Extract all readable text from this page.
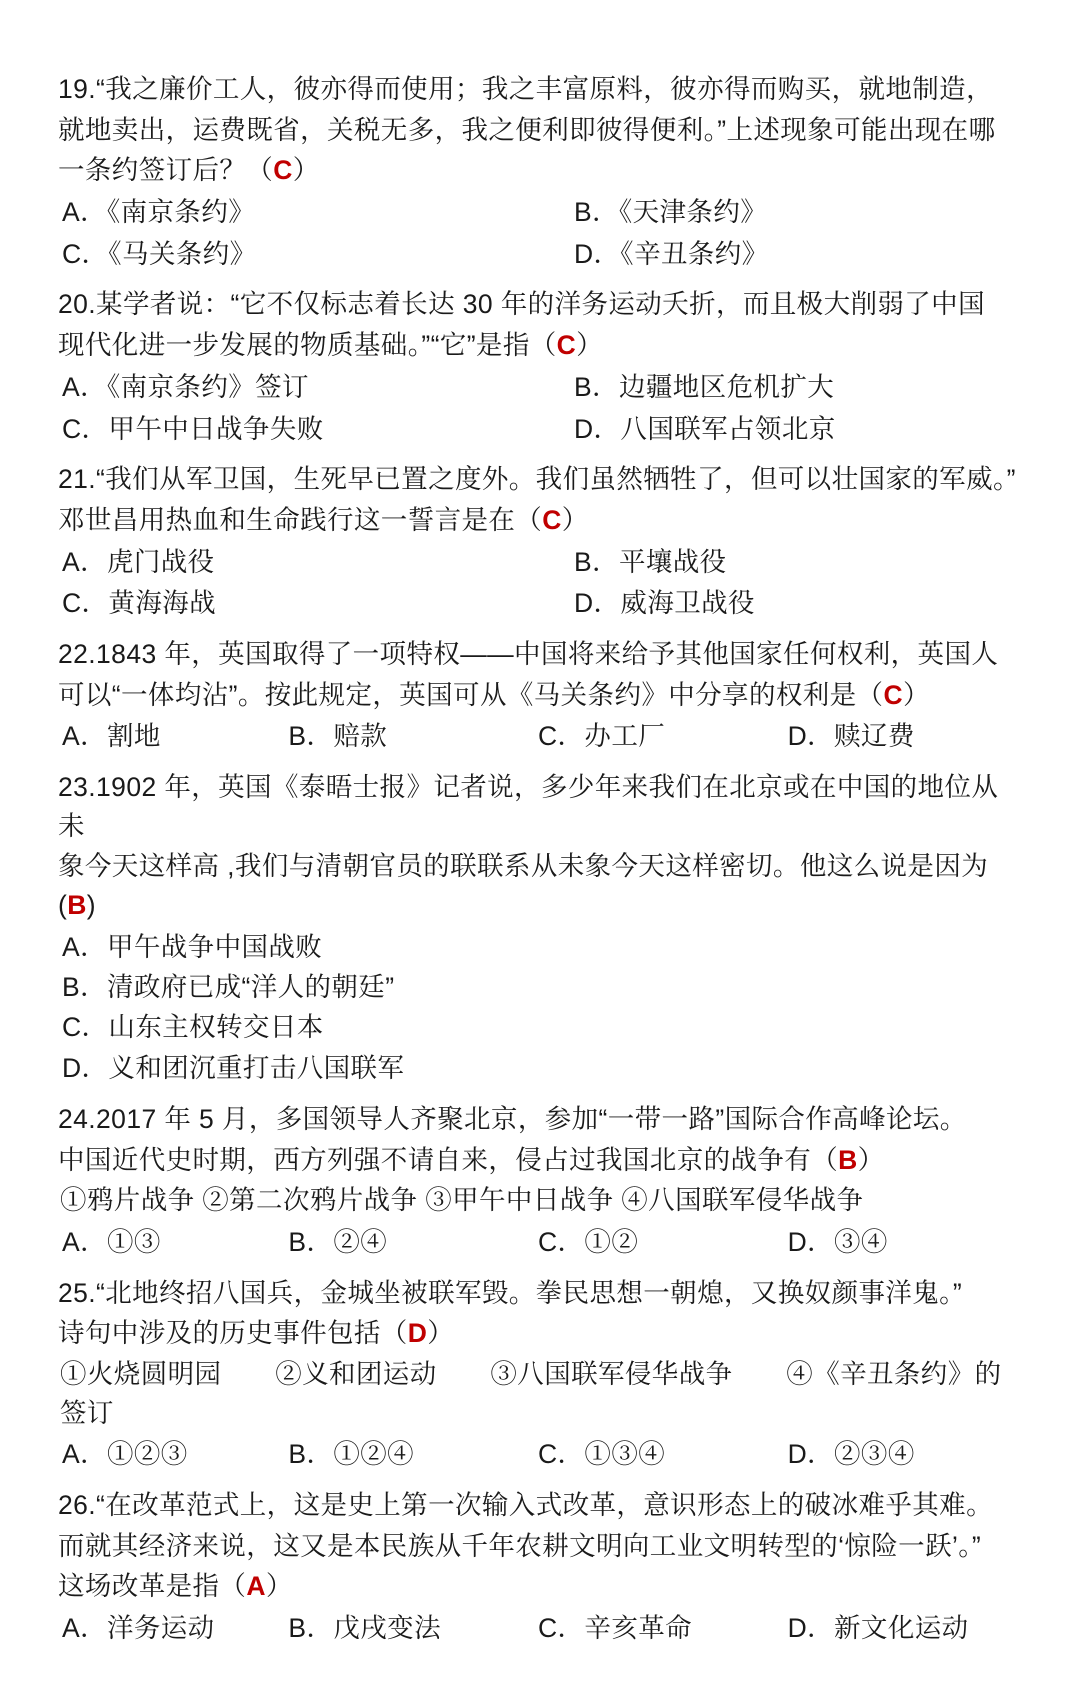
19.“我之廉价工人，彼亦得而使用；我之丰富原料，彼亦得而购买，就地制造，
就地卖出，运费既省，关税无多，我之便利即彼得便利。”上述现象可能出现在哪
一条约签订后？（C）
A．《南京条约》	B．《天津条约》
C．《马关条约》	D．《辛丑条约》
20.某学者说：“它不仅标志着长达 30 年的洋务运动夭折，而且极大削弱了中国
现代化进一步发展的物质基础。”“它”是指（C）
A．《南京条约》签订	B．边疆地区危机扩大
C．甲午中日战争失败	D．八国联军占领北京
21.“我们从军卫国，生死早已置之度外。我们虽然牺牲了，但可以壮国家的军威。”
邓世昌用热血和生命践行这一誓言是在（C）
A．虎门战役	B．平壤战役
C．黄海海战	D．威海卫战役
22.1843 年，英国取得了一项特权——中国将来给予其他国家任何权利，英国人
可以“一体均沾”。按此规定，英国可从《马关条约》中分享的权利是（C）
A．割地	B．赔款	C．办工厂	D．赎辽费
23.1902 年，英国《泰晤士报》记者说，多少年来我们在北京或在中国的地位从未
象今天这样高 ,我们与清朝官员的联联系从未象今天这样密切。他这么说是因为(B)
A．甲午战争中国战败
B．清政府已成“洋人的朝廷”
C．山东主权转交日本
D．义和团沉重打击八国联军
24.2017 年 5 月，多国领导人齐聚北京，参加“一带一路”国际合作高峰论坛。
中国近代史时期，西方列强不请自来，侵占过我国北京的战争有（B）
①鸦片战争 ②第二次鸦片战争 ③甲午中日战争 ④八国联军侵华战争
A．①③	B．②④	C．①②	D．③④
25.“北地终招八国兵，金城坐被联军毁。拳民思想一朝熄，又换奴颜事洋鬼。”
诗句中涉及的历史事件包括（D）
①火烧圆明园　　②义和团运动　　③八国联军侵华战争　　④《辛丑条约》的签订
A．①②③	B．①②④	C．①③④	D．②③④
26.“在改革范式上，这是史上第一次输入式改革，意识形态上的破冰难乎其难。
而就其经济来说，这又是本民族从千年农耕文明向工业文明转型的‘惊险一跃’。”
这场改革是指（A）
A．洋务运动	B．戊戌变法	C．辛亥革命	D．新文化运动
